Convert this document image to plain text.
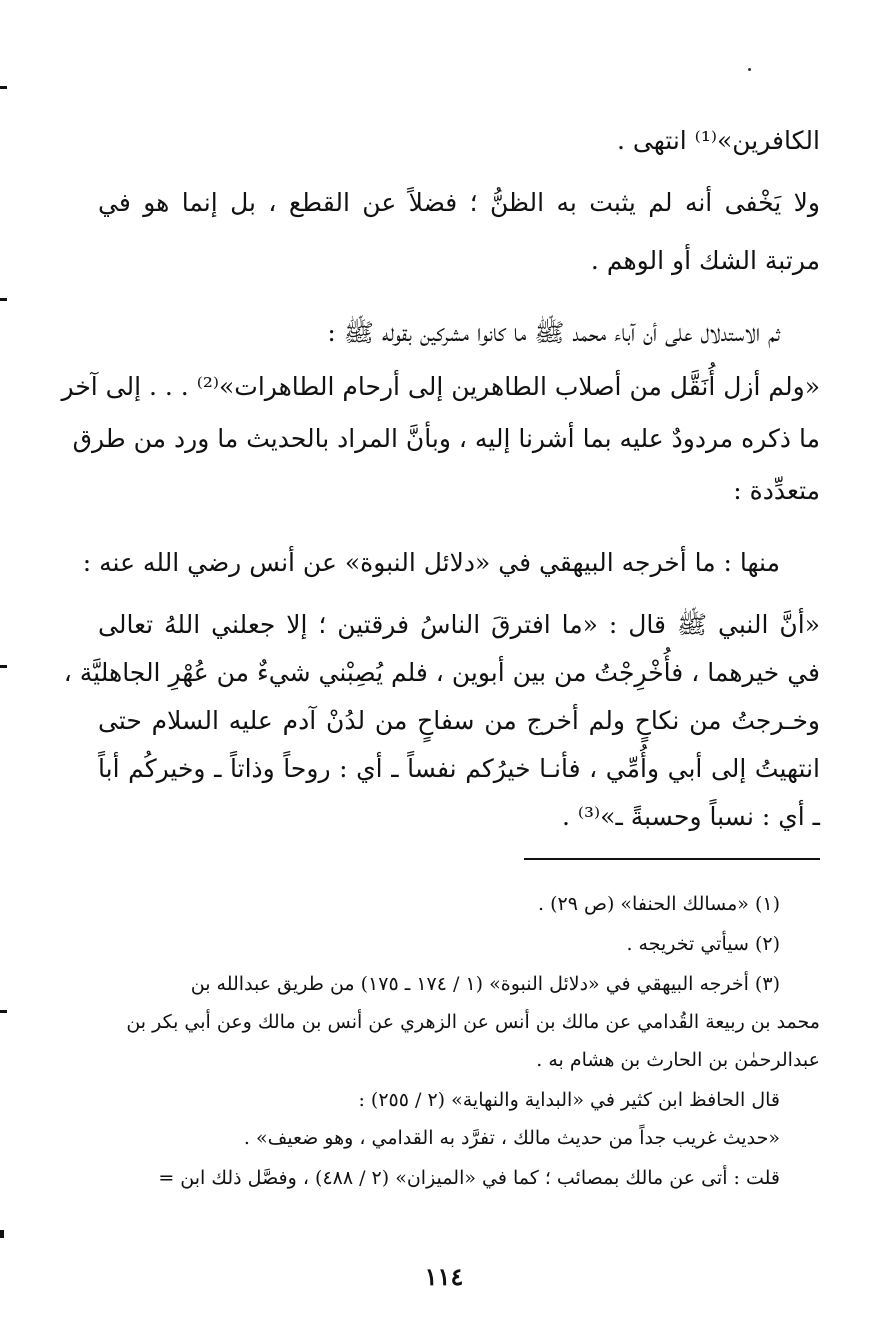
الكافرين»⁽¹⁾ انتهى .
ولا يَخْفى أنه لم يثبت به الظنُّ ؛ فضلاً عن القطع ، بل إنما هو في
مرتبة الشك أو الوهم .
ثم الاستدلال على أن آباء محمد ﷺ ما كانوا مشركين بقوله ﷺ :
«ولم أزل أُنَقَّل من أصلاب الطاهرين إلى أرحام الطاهرات»⁽²⁾ . . . إلى آخر
ما ذكره مردودٌ عليه بما أشرنا إليه ، وبأنَّ المراد بالحديث ما ورد من طرق
متعدِّدة :
منها : ما أخرجه البيهقي في «دلائل النبوة» عن أنس رضي الله عنه :
«أنَّ النبي ﷺ قال : «ما افترقَ الناسُ فرقتين ؛ إلا جعلني اللهُ تعالى
في خيرهما ، فأُخْرِجْتُ من بين أبوين ، فلم يُصِبْني شيءٌ من عُهْرِ الجاهليَّة ،
وخـرجتُ من نكاحٍ ولم أخرج من سفاحٍ من لدُنْ آدم عليه السلام حتى
انتهيتُ إلى أبي وأُمِّي ، فأنـا خيرُكم نفساً ـ أي : روحاً وذاتاً ـ وخيركُم أباً
ـ أي : نسباً وحسبةً ـ»⁽³⁾ .
(١) «مسالك الحنفا» (ص ٢٩) .
(٢) سيأتي تخريجه .
(٣) أخرجه البيهقي في «دلائل النبوة» (١ / ١٧٤ ـ ١٧٥) من طريق عبدالله بن
محمد بن ربيعة القُدامي عن مالك بن أنس عن الزهري عن أنس بن مالك وعن أبي بكر بن
عبدالرحمٰن بن الحارث بن هشام به .
قال الحافظ ابن كثير في «البداية والنهاية» (٢ / ٢٥٥) :
«حديث غريب جداً من حديث مالك ، تفرَّد به القدامي ، وهو ضعيف» .
قلت : أتى عن مالك بمصائب ؛ كما في «الميزان» (٢ / ٤٨٨) ، وفصَّل ذلك ابن =
١١٤
